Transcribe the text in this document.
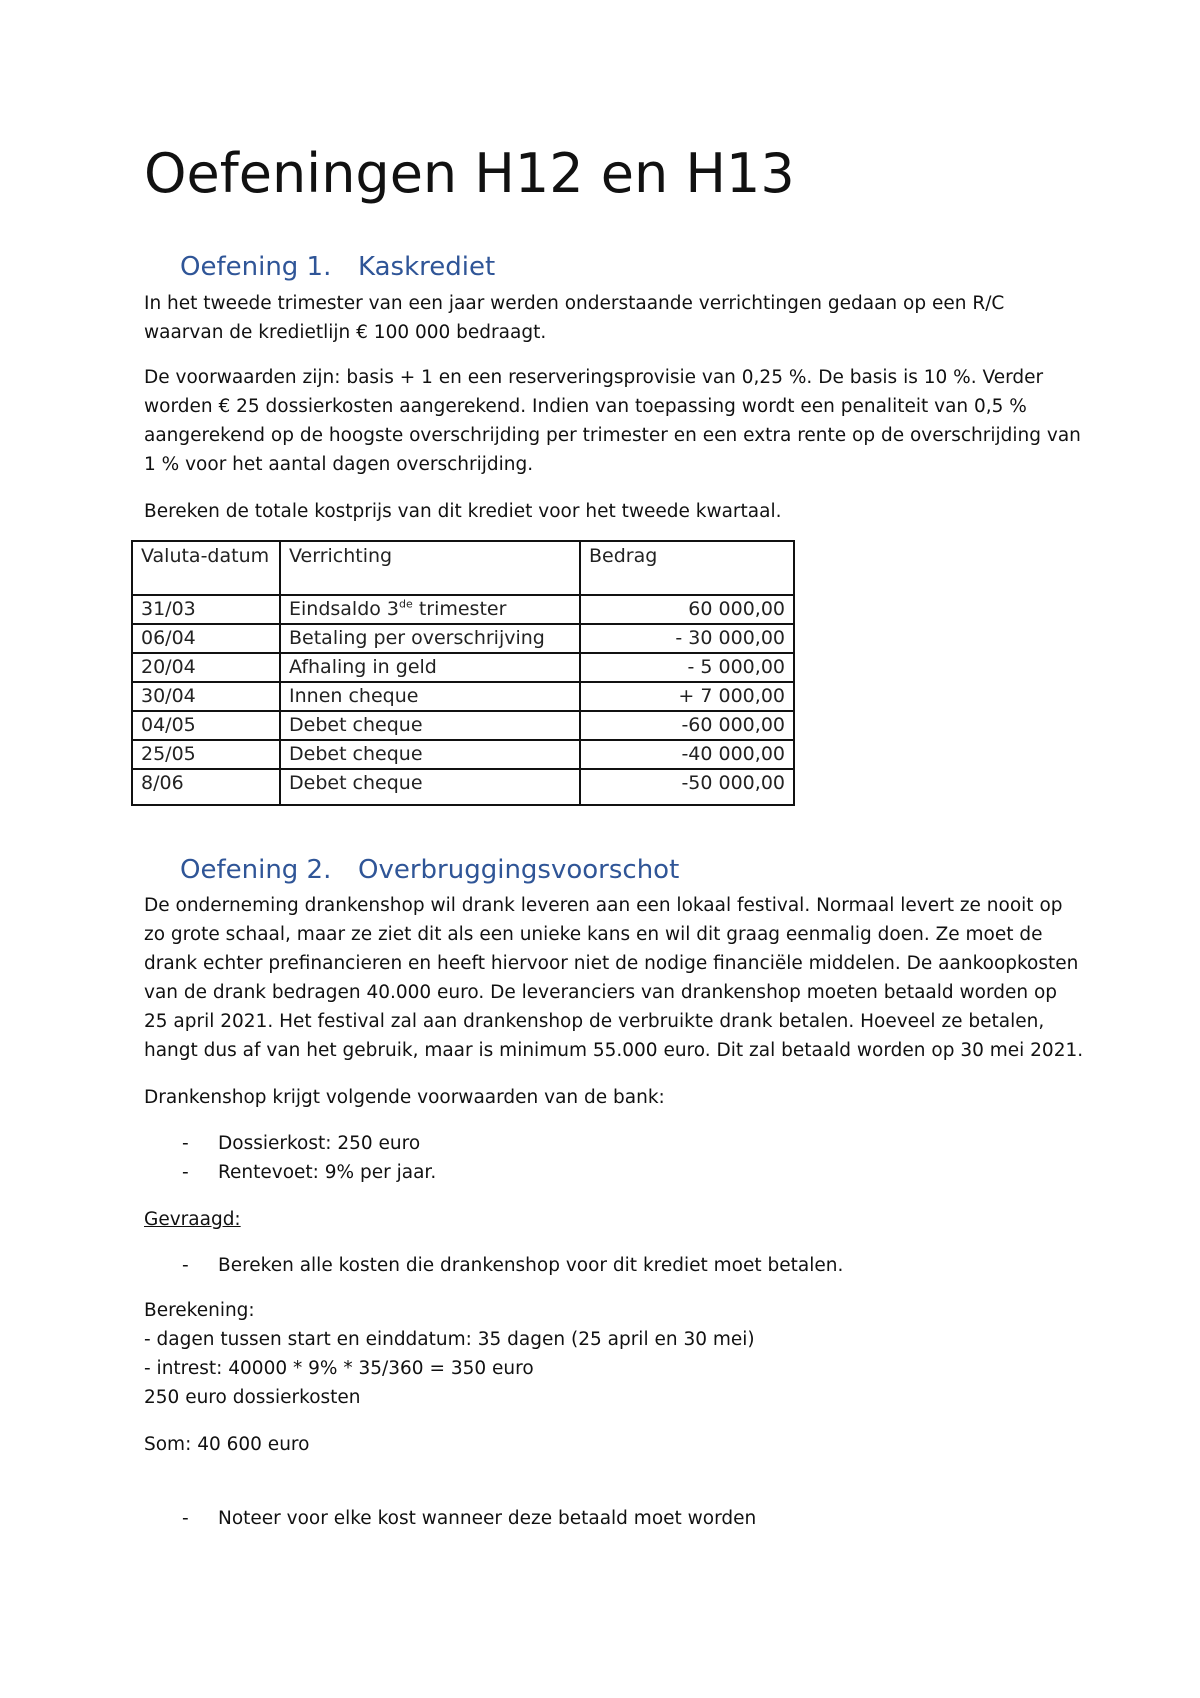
Oefeningen H12 en H13
Oefening 1. Kaskrediet

In het tweede trimester van een jaar werden onderstaande verrichtingen gedaan op een R/C waarvan de kredietlijn € 100 000 bedraagt.

De voorwaarden zijn: basis + 1 en een reserveringsprovisie van 0,25 %. De basis is 10 %. Verder worden € 25 dossierkosten aangerekend. Indien van toepassing wordt een penaliteit van 0,5 % aangerekend op de hoogste overschrijding per trimester en een extra rente op de overschrijding van 1 % voor het aantal dagen overschrijding.

Bereken de totale kostprijs van dit krediet voor het tweede kwartaal.

Valuta-datum	Verrichting	Bedrag
31/03	Eindsaldo 3de trimester	60 000,00
06/04	Betaling per overschrijving	- 30 000,00
20/04	Afhaling in geld	- 5 000,00
30/04	Innen cheque	+ 7 000,00
04/05	Debet cheque	-60 000,00
25/05	Debet cheque	-40 000,00
8/06	Debet cheque	-50 000,00
Oefening 2. Overbruggingsvoorschot

De onderneming drankenshop wil drank leveren aan een lokaal festival. Normaal levert ze nooit op zo grote schaal, maar ze ziet dit als een unieke kans en wil dit graag eenmalig doen. Ze moet de drank echter prefinancieren en heeft hiervoor niet de nodige financiële middelen. De aankoopkosten van de drank bedragen 40.000 euro. De leveranciers van drankenshop moeten betaald worden op 25 april 2021. Het festival zal aan drankenshop de verbruikte drank betalen. Hoeveel ze betalen, hangt dus af van het gebruik, maar is minimum 55.000 euro. Dit zal betaald worden op 30 mei 2021.

Drankenshop krijgt volgende voorwaarden van de bank:

- Dossierkost: 250 euro

- Rentevoet: 9% per jaar.

Gevraagd:

- Bereken alle kosten die drankenshop voor dit krediet moet betalen.

Berekening:

- dagen tussen start en einddatum: 35 dagen (25 april en 30 mei)

- intrest: 40000 * 9% * 35/360 = 350 euro

250 euro dossierkosten

Som: 40 600 euro

- Noteer voor elke kost wanneer deze betaald moet worden
